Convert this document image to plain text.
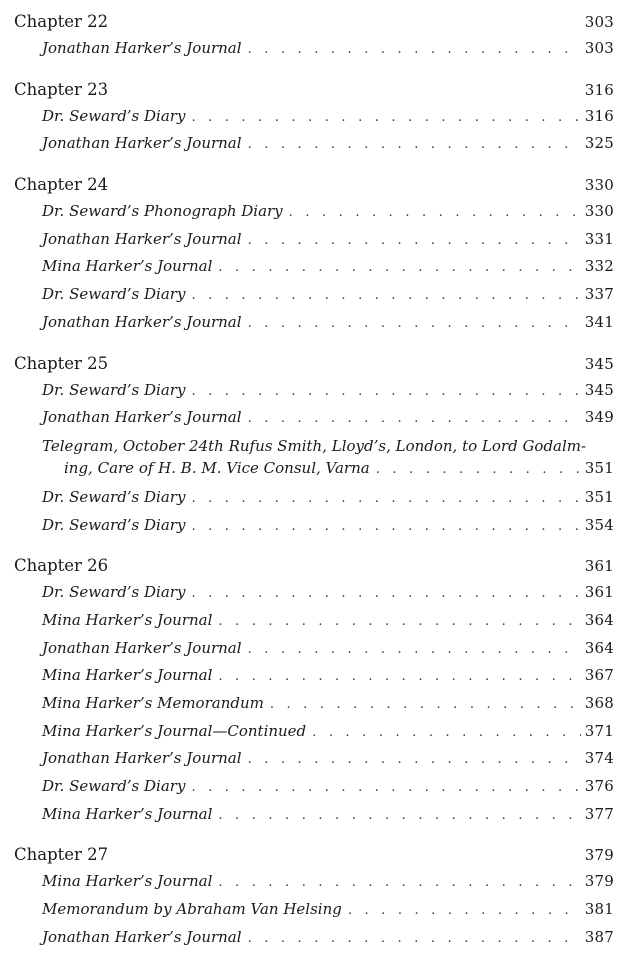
Chapter 22	303
Jonathan Harker’s Journal . . .	303
Chapter 23	316
Dr. Seward’s Diary . . .	316
Jonathan Harker’s Journal . . .	325
Chapter 24	330
Dr. Seward’s Phonograph Diary . . .	330
Jonathan Harker’s Journal . . .	331
Mina Harker’s Journal . . .	332
Dr. Seward’s Diary . . .	337
Jonathan Harker’s Journal . . .	341
Chapter 25	345
Dr. Seward’s Diary . . .	345
Jonathan Harker’s Journal . . .	349
Telegram, October 24th Rufus Smith, Lloyd’s, London, to Lord Godalm-
ing, Care of H. B. M. Vice Consul, Varna . . .	351
Dr. Seward’s Diary . . .	351
Dr. Seward’s Diary . . .	354
Chapter 26	361
Dr. Seward’s Diary . . .	361
Mina Harker’s Journal . . .	364
Jonathan Harker’s Journal . . .	364
Mina Harker’s Journal . . .	367
Mina Harker’s Memorandum . . .	368
Mina Harker’s Journal—Continued . . .	371
Jonathan Harker’s Journal . . .	374
Dr. Seward’s Diary . . .	376
Mina Harker’s Journal . . .	377
Chapter 27	379
Mina Harker’s Journal . . .	379
Memorandum by Abraham Van Helsing . . .	381
Jonathan Harker’s Journal . . .	387
